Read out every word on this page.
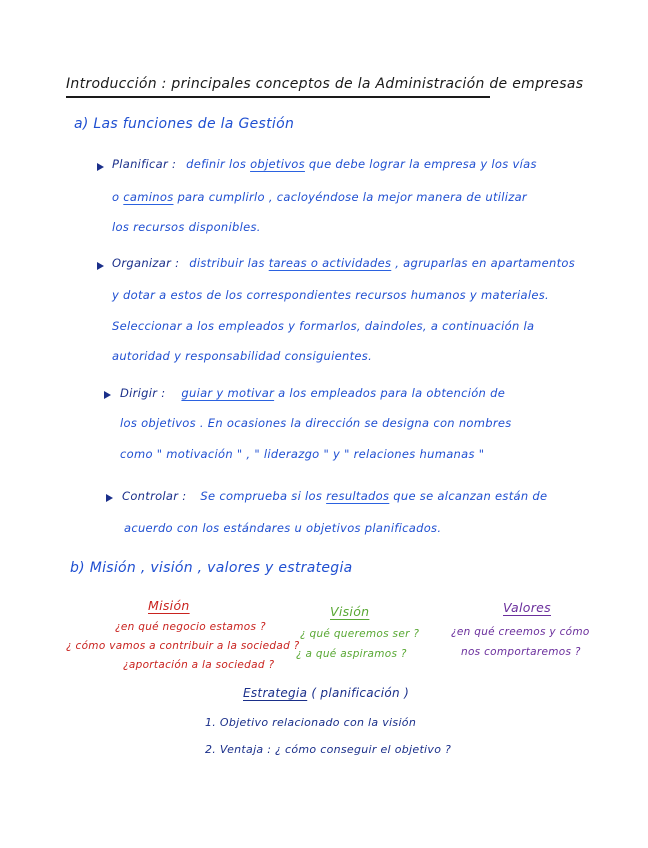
Introducción : principales conceptos de la Administración de empresas
a) Las funciones de la Gestión
Planificar : definir los objetivos que debe lograr la empresa y los vías
o caminos para cumplirlo , cacloyéndose la mejor manera de utilizar
los recursos disponibles.
Organizar : distribuir las tareas o actividades , agruparlas en apartamentos
y dotar a estos de los correspondientes recursos humanos y materiales.
Seleccionar a los empleados y formarlos, daindoles, a continuación la
autoridad y responsabilidad consiguientes.
Dirigir : guiar y motivar a los empleados para la obtención de
los objetivos . En ocasiones la dirección se designa con nombres
como " motivación " , " liderazgo " y " relaciones humanas "
Controlar : Se comprueba si los resultados que se alcanzan están de
acuerdo con los estándares u objetivos planificados.
b) Misión , visión , valores y estrategia
Misión
¿en qué negocio estamos ?
¿ cómo vamos a contribuir a la sociedad ?
¿aportación a la sociedad ?
Visión
¿ qué queremos ser ?
¿ a qué aspiramos ?
Valores
¿en qué creemos y cómo
nos comportaremos ?
Estrategia ( planificación )
1. Objetivo relacionado con la visión
2. Ventaja : ¿ cómo conseguir el objetivo ?
